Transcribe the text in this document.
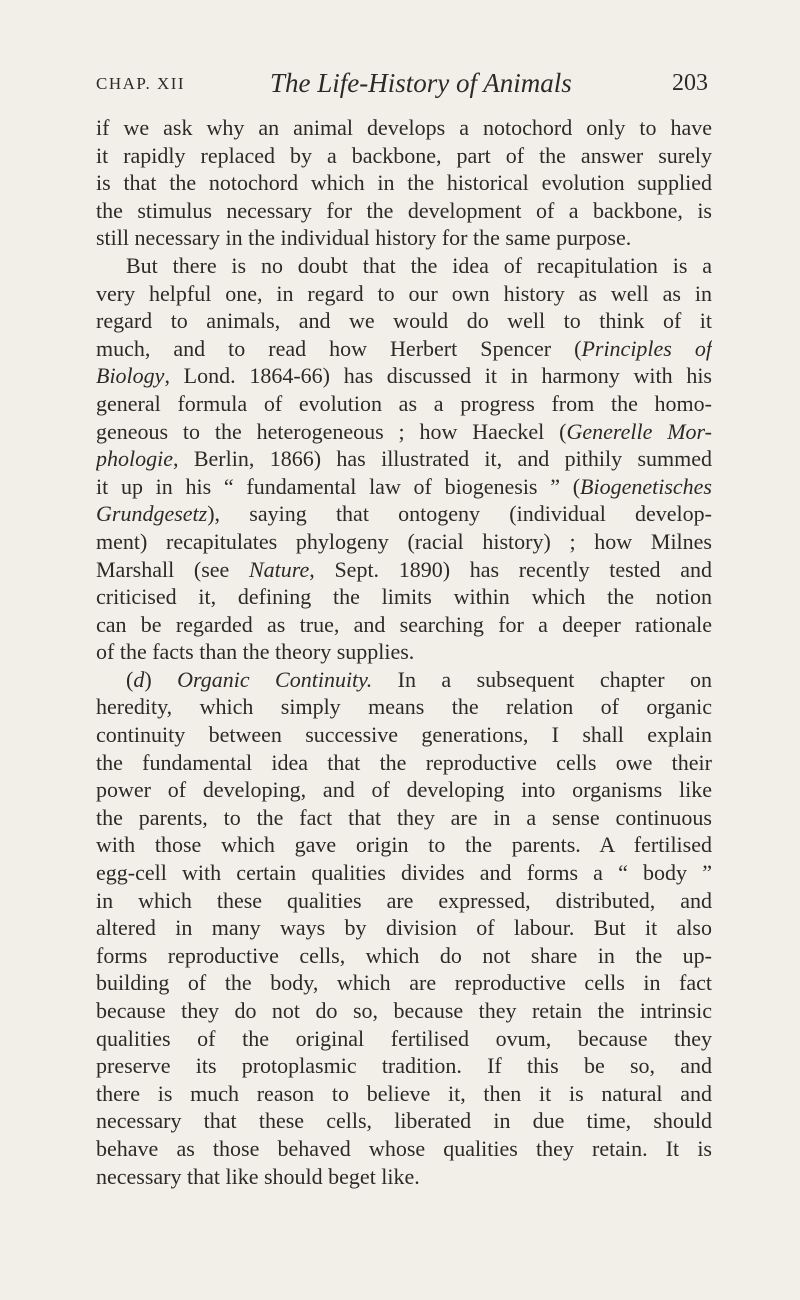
CHAP. XII	The Life-History of Animals	203
if we ask why an animal develops a notochord only to have
it rapidly replaced by a backbone, part of the answer surely
is that the notochord which in the historical evolution supplied
the stimulus necessary for the development of a backbone, is
still necessary in the individual history for the same purpose.
But there is no doubt that the idea of recapitulation is a
very helpful one, in regard to our own history as well as in
regard to animals, and we would do well to think of it
much, and to read how Herbert Spencer (Principles of
Biology, Lond. 1864-66) has discussed it in harmony with his
general formula of evolution as a progress from the homo-
geneous to the heterogeneous ; how Haeckel (Generelle Mor-
phologie, Berlin, 1866) has illustrated it, and pithily summed
it up in his “ fundamental law of biogenesis ” (Biogenetisches
Grundgesetz), saying that ontogeny (individual develop-
ment) recapitulates phylogeny (racial history) ; how Milnes
Marshall (see Nature, Sept. 1890) has recently tested and
criticised it, defining the limits within which the notion
can be regarded as true, and searching for a deeper rationale
of the facts than the theory supplies.
(d) Organic Continuity. In a subsequent chapter on
heredity, which simply means the relation of organic
continuity between successive generations, I shall explain
the fundamental idea that the reproductive cells owe their
power of developing, and of developing into organisms like
the parents, to the fact that they are in a sense continuous
with those which gave origin to the parents. A fertilised
egg-cell with certain qualities divides and forms a “ body ”
in which these qualities are expressed, distributed, and
altered in many ways by division of labour. But it also
forms reproductive cells, which do not share in the up-
building of the body, which are reproductive cells in fact
because they do not do so, because they retain the intrinsic
qualities of the original fertilised ovum, because they
preserve its protoplasmic tradition. If this be so, and
there is much reason to believe it, then it is natural and
necessary that these cells, liberated in due time, should
behave as those behaved whose qualities they retain. It is
necessary that like should beget like.
